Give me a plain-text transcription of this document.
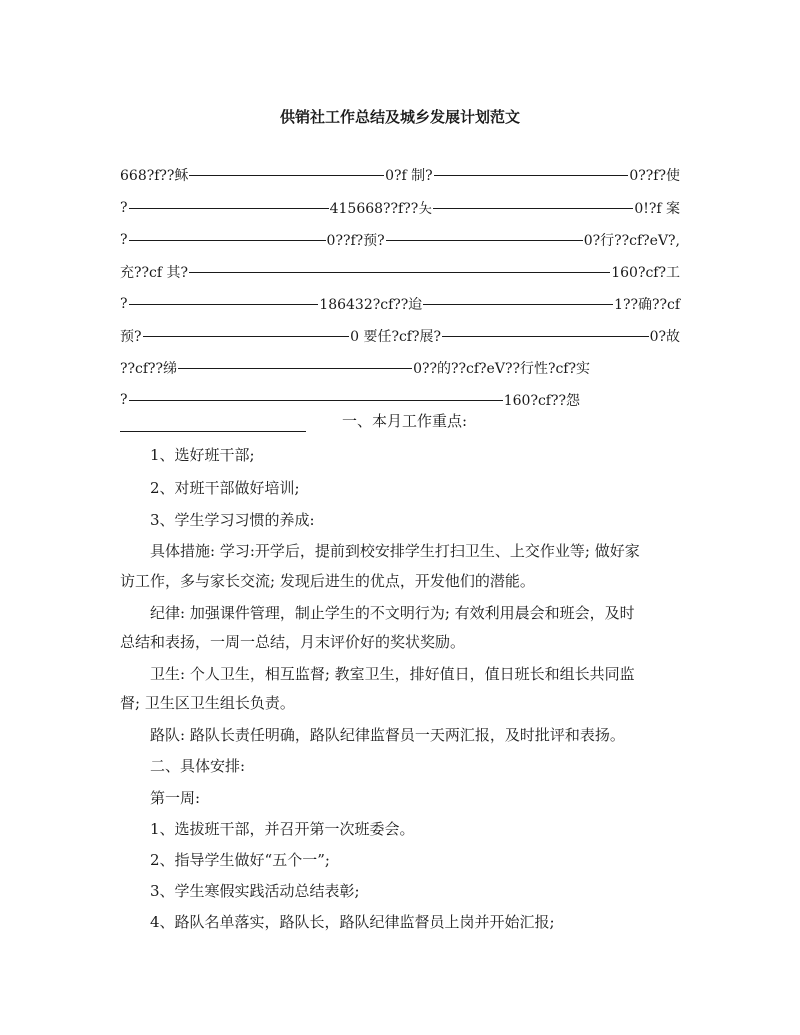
供销社工作总结及城乡发展计划范文
668?f??稣	0?f 制?	0??f?使
?	415668??f??夨	0!?f 案
?	0??f?预?	0?行??cf?eV?,
充??cf 其?	160?cf?工
?	186432?cf??迨	1??确??cf
预?	0 要任?cf?展?	0?故
??cf??绨	0??的??cf?eV??行性?cf?实
?	160?cf??怨
一、本月工作重点:
1、选好班干部;
2、对班干部做好培训;
3、学生学习习惯的养成:
具体措施: 学习:开学后，提前到校安排学生打扫卫生、上交作业等; 做好家
访工作，多与家长交流; 发现后进生的优点，开发他们的潜能。
纪律: 加强课件管理，制止学生的不文明行为; 有效利用晨会和班会，及时
总结和表扬，一周一总结，月末评价好的奖状奖励。
卫生: 个人卫生，相互监督; 教室卫生，排好值日，值日班长和组长共同监
督; 卫生区卫生组长负责。
路队: 路队长责任明确，路队纪律监督员一天两汇报，及时批评和表扬。
二、具体安排:
第一周:
1、选拔班干部，并召开第一次班委会。
2、指导学生做好“五个一”;
3、学生寒假实践活动总结表彰;
4、路队名单落实，路队长，路队纪律监督员上岗并开始汇报;
